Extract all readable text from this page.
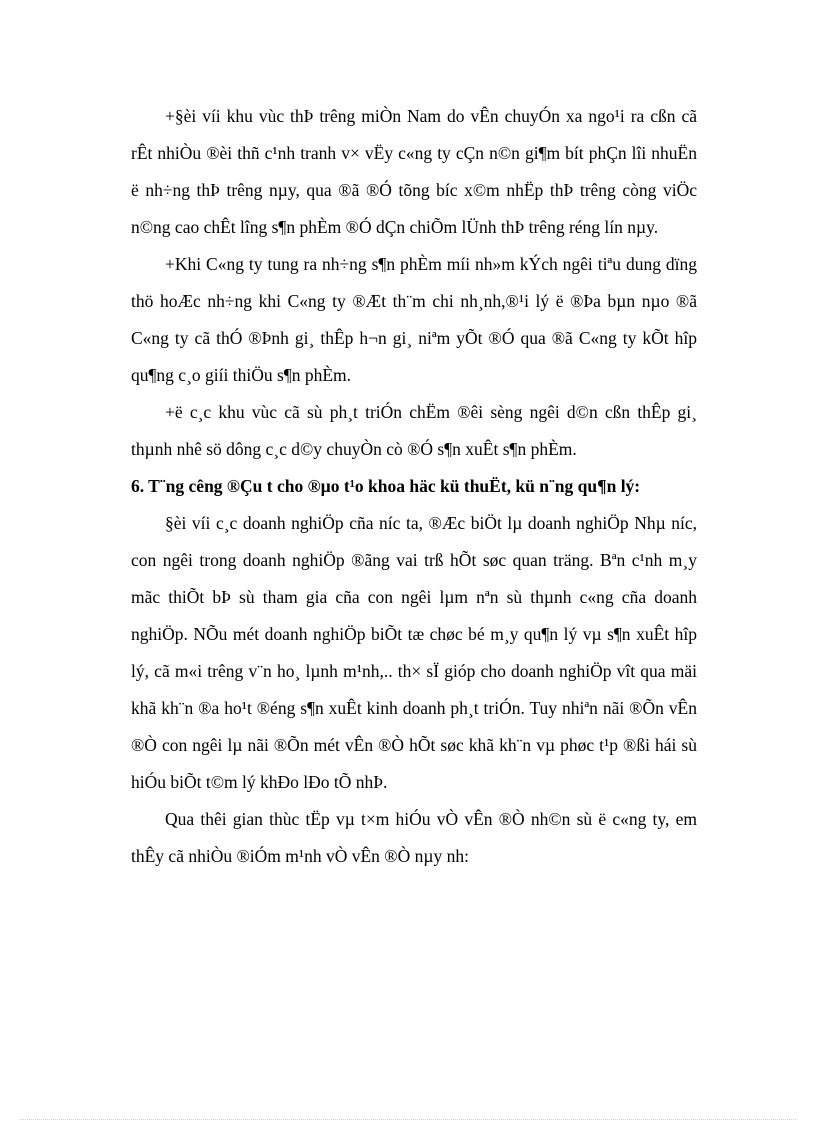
+§èi víi khu vùc thÞ trêng miÒn Nam do vÊn chuyÓn xa ngo¹i ra cßn cã rÊt nhiÒu ®èi thñ c¹nh tranh v× vËy c«ng ty cÇn n©n gi¶m bít phÇn lîi nhuËn ë nh÷ng thÞ trêng nµy, qua ®ã ®Ó tõng bíc x©m nhËp thÞ trêng còng viÖc n©ng cao chÊt lîng s¶n phÈm ®Ó dÇn chiÕm lÜnh thÞ trêng réng lín nµy.

+Khi C«ng ty tung ra nh÷ng s¶n phÈm míi nh»m kÝch ngêi tiªu dung dïng thö hoÆc nh÷ng khi C«ng ty ®Æt th¨m chi nh¸nh,®¹i lý ë ®Þa bµn nµo ®ã C«ng ty cã thÓ ®Þnh gi¸ thÊp h¬n gi¸ niªm yÕt ®Ó qua ®ã C«ng ty kÕt hîp qu¶ng c¸o giíi thiÖu s¶n phÈm.

+ë c¸c khu vùc cã sù ph¸t triÓn chËm ®êi sèng ngêi d©n cßn thÊp gi¸ thµnh nhê sö dông c¸c d©y chuyÒn cò ®Ó s¶n xuÊt s¶n phÈm.

6. T¨ng cêng ®Çu t cho ®µo t¹o khoa häc kü thuËt, kü n¨ng qu¶n lý:

§èi víi c¸c doanh nghiÖp cña níc ta, ®Æc biÖt lµ doanh nghiÖp Nhµ níc, con ngêi trong doanh nghiÖp ®ãng vai trß hÕt søc quan träng. Bªn c¹nh m¸y mãc thiÕt bÞ sù tham gia cña con ngêi lµm nªn sù thµnh c«ng cña doanh nghiÖp. NÕu mét doanh nghiÖp biÕt tæ chøc bé m¸y qu¶n lý vµ s¶n xuÊt hîp lý, cã m«i trêng v¨n ho¸ lµnh m¹nh,.. th× sÏ gióp cho doanh nghiÖp vît qua mäi khã kh¨n ®a ho¹t ®éng s¶n xuÊt kinh doanh ph¸t triÓn. Tuy nhiªn nãi ®Õn vÊn ®Ò con ngêi lµ nãi ®Õn mét vÊn ®Ò hÕt søc khã kh¨n vµ phøc t¹p ®ßi hái sù hiÓu biÕt t©m lý khÐo lÐo tÕ nhÞ.

Qua thêi gian thùc tËp vµ t×m hiÓu vÒ vÊn ®Ò nh©n sù ë c«ng ty, em thÊy cã nhiÒu ®iÓm m¹nh vÒ vÊn ®Ò nµy nh:
